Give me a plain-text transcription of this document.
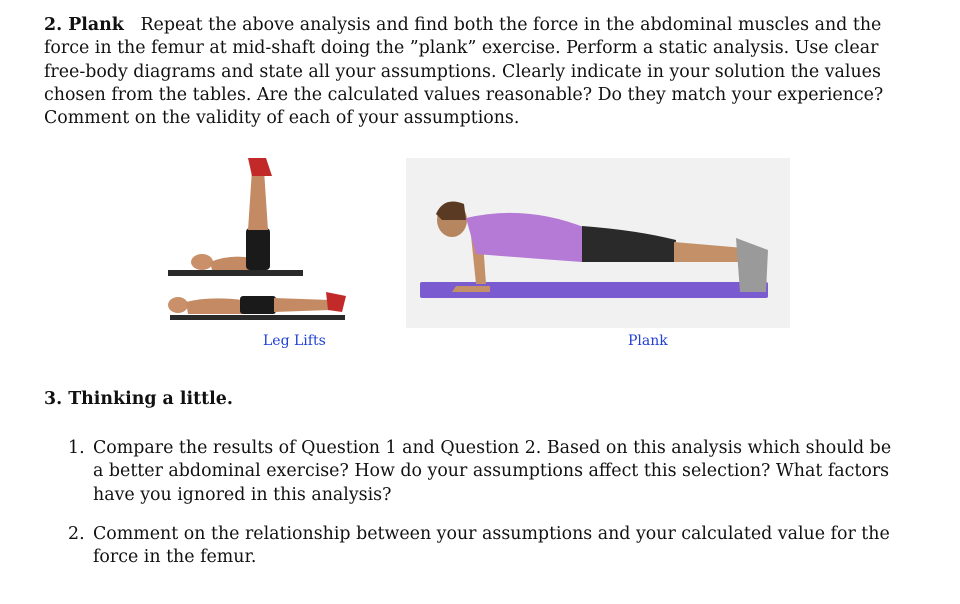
2. Plank Repeat the above analysis and find both the force in the abdominal muscles and the force in the femur at mid-shaft doing the ”plank” exercise. Perform a static analysis. Use clear free-body diagrams and state all your assumptions. Clearly indicate in your solution the values chosen from the tables. Are the calculated values reasonable? Do they match your experience? Comment on the validity of each of your assumptions.
Leg Lifts	Plank
3. Thinking a little.
1. Compare the results of Question 1 and Question 2. Based on this analysis which should be a better abdominal exercise? How do your assumptions affect this selection? What factors have you ignored in this analysis?
2. Comment on the relationship between your assumptions and your calculated value for the force in the femur.
